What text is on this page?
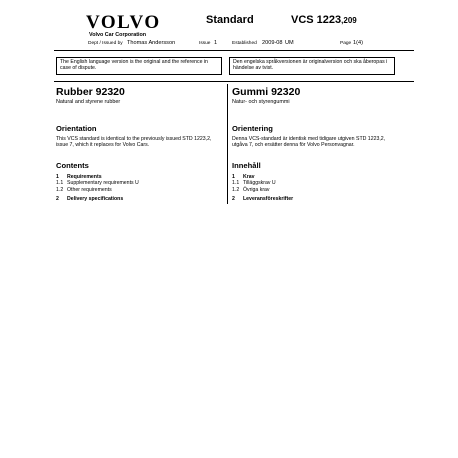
VOLVO
Volvo Car Corporation
Standard	VCS 1223,209
Dept / Issued by Thomas Andersson	Issue 1	Established 2009-08 UM	Page 1(4)
The English language version is the original and the reference in case of dispute.
Den engelska språkversionen är originalversion och ska åberopas i händelse av tvist.
Rubber 92320
Natural and styrene rubber
Orientation
This VCS standard is identical to the previously issued STD 1223,2, issue 7, which it replaces for Volvo Cars.
Contents
1 Requirements
1.1 Supplementary requirements U
1.2 Other requirements
2 Delivery specifications
Gummi 92320
Natur- och styrengummi
Orientering
Denna VCS-standard är identisk med tidigare utgiven STD 1223,2, utgåva 7, och ersätter denna för Volvo Personvagnar.
Innehåll
1 Krav
1.1 Tilläggskrav U
1.2 Övriga krav
2 Leveransföreskrifter
